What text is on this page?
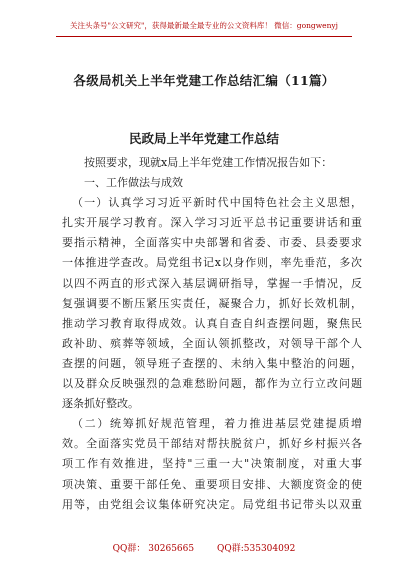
关注头条号"公文研究"，获得最新最全最专业的公文资料库！ 微信：gongwenyj
各级局机关上半年党建工作总结汇编（11篇）
民政局上半年党建工作总结
按照要求，现就x局上半年党建工作情况报告如下：
一、工作做法与成效
（一）认真学习习近平新时代中国特色社会主义思想，
扎实开展学习教育。深入学习习近平总书记重要讲话和重
要指示精神，全面落实中央部署和省委、市委、县委要求
一体推进学查改。局党组书记x以身作则，率先垂范，多次
以四不两直的形式深入基层调研指导，掌握一手情况，反
复强调要不断压紧压实责任，凝聚合力，抓好长效机制，
推动学习教育取得成效。认真自查自纠查摆问题，聚焦民
政补助、殡葬等领域，全面认领抓整改，对领导干部个人
查摆的问题，领导班子查摆的、未纳入集中整治的问题，
以及群众反映强烈的急难愁盼问题，都作为立行立改问题
逐条抓好整改。
（二）统筹抓好规范管理，着力推进基层党建提质增
效。全面落实党员干部结对帮扶脱贫户，抓好乡村振兴各
项工作有效推进，坚持"三重一大"决策制度，对重大事
项决策、重要干部任免、重要项目安排、大额度资金的使
用等，由党组会议集体研究决定。局党组书记带头以双重
QQ群： 30265665	QQ群:535304092
